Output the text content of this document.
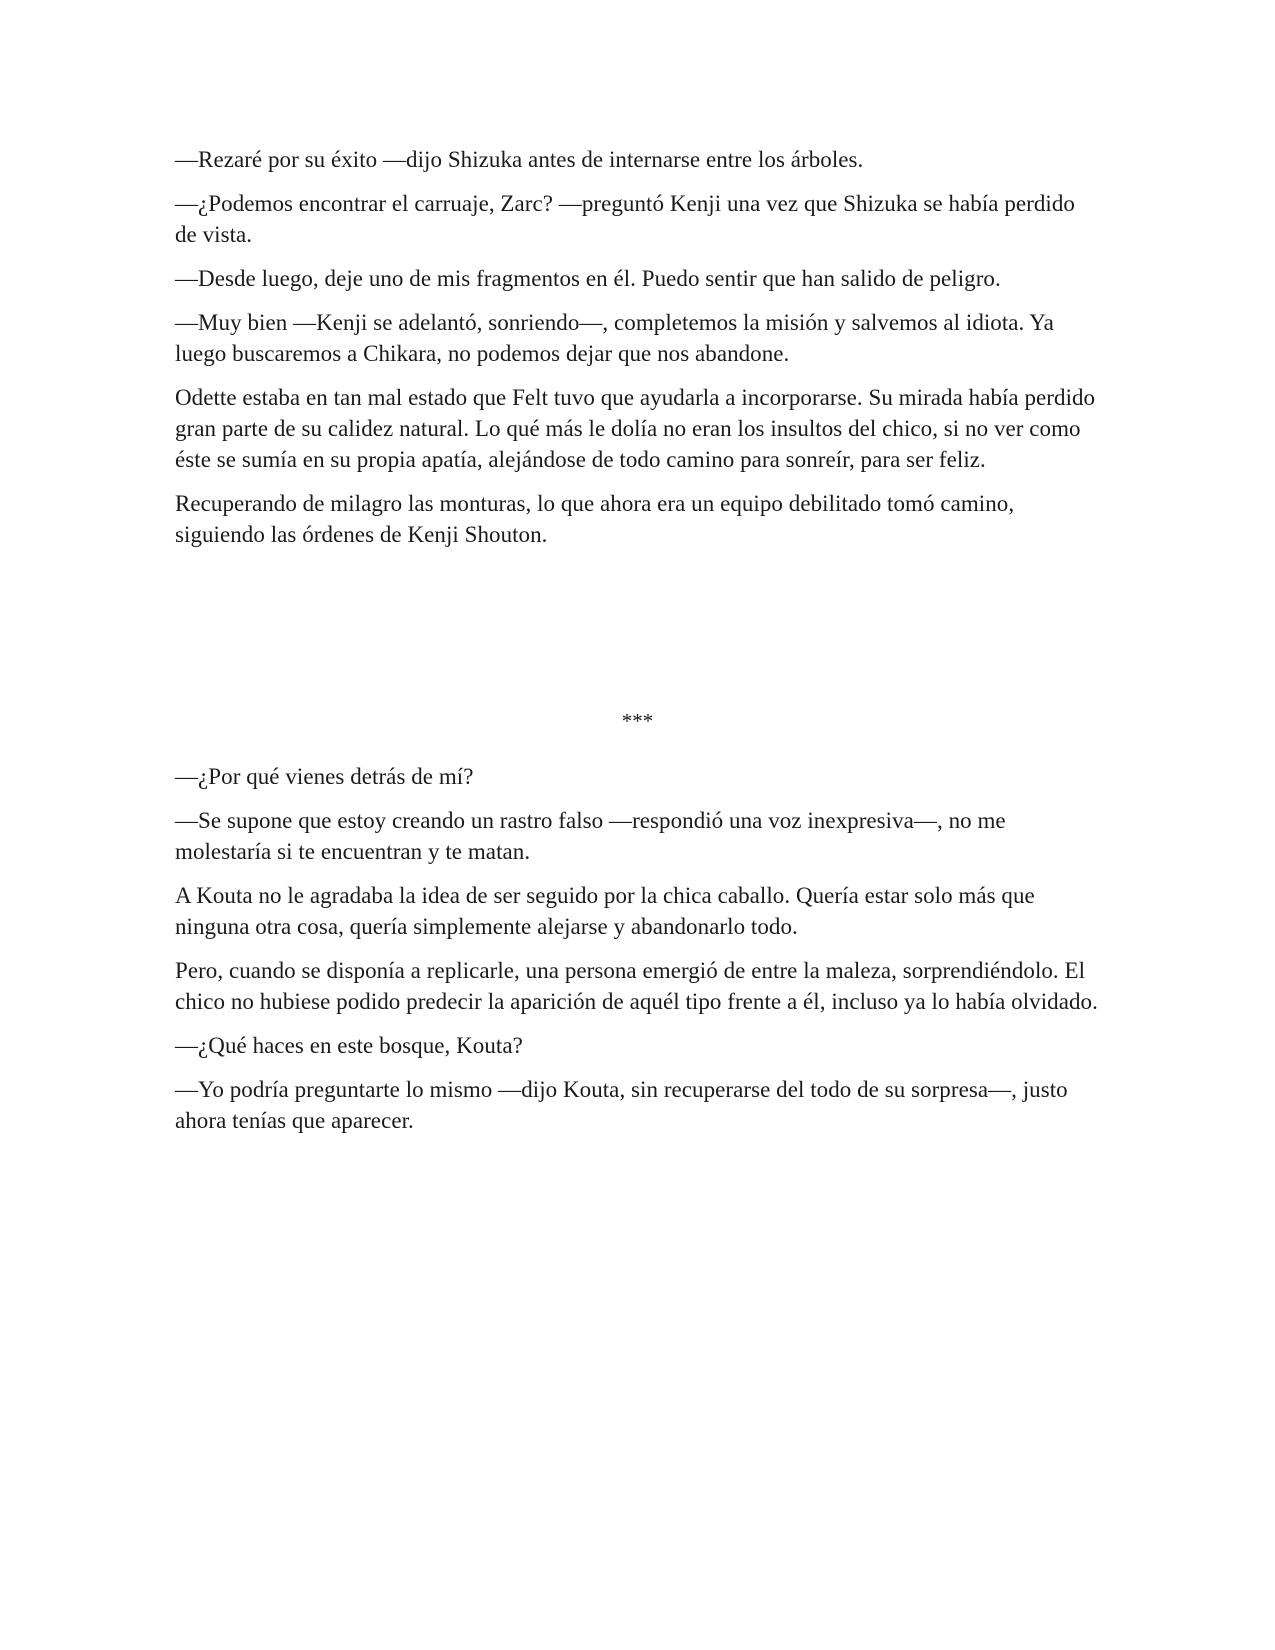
—Rezaré por su éxito —dijo Shizuka antes de internarse entre los árboles.

—¿Podemos encontrar el carruaje, Zarc? —preguntó Kenji una vez que Shizuka se había perdido de vista.

—Desde luego, deje uno de mis fragmentos en él. Puedo sentir que han salido de peligro.

—Muy bien —Kenji se adelantó, sonriendo—, completemos la misión y salvemos al idiota. Ya luego buscaremos a Chikara, no podemos dejar que nos abandone.

Odette estaba en tan mal estado que Felt tuvo que ayudarla a incorporarse. Su mirada había perdido gran parte de su calidez natural. Lo qué más le dolía no eran los insultos del chico, si no ver como éste se sumía en su propia apatía, alejándose de todo camino para sonreír, para ser feliz.

Recuperando de milagro las monturas, lo que ahora era un equipo debilitado tomó camino, siguiendo las órdenes de Kenji Shouton.

***

—¿Por qué vienes detrás de mí?

—Se supone que estoy creando un rastro falso —respondió una voz inexpresiva—, no me molestaría si te encuentran y te matan.

A Kouta no le agradaba la idea de ser seguido por la chica caballo. Quería estar solo más que ninguna otra cosa, quería simplemente alejarse y abandonarlo todo.

Pero, cuando se disponía a replicarle, una persona emergió de entre la maleza, sorprendiéndolo. El chico no hubiese podido predecir la aparición de aquél tipo frente a él, incluso ya lo había olvidado.

—¿Qué haces en este bosque, Kouta?

—Yo podría preguntarte lo mismo —dijo Kouta, sin recuperarse del todo de su sorpresa—, justo ahora tenías que aparecer.
